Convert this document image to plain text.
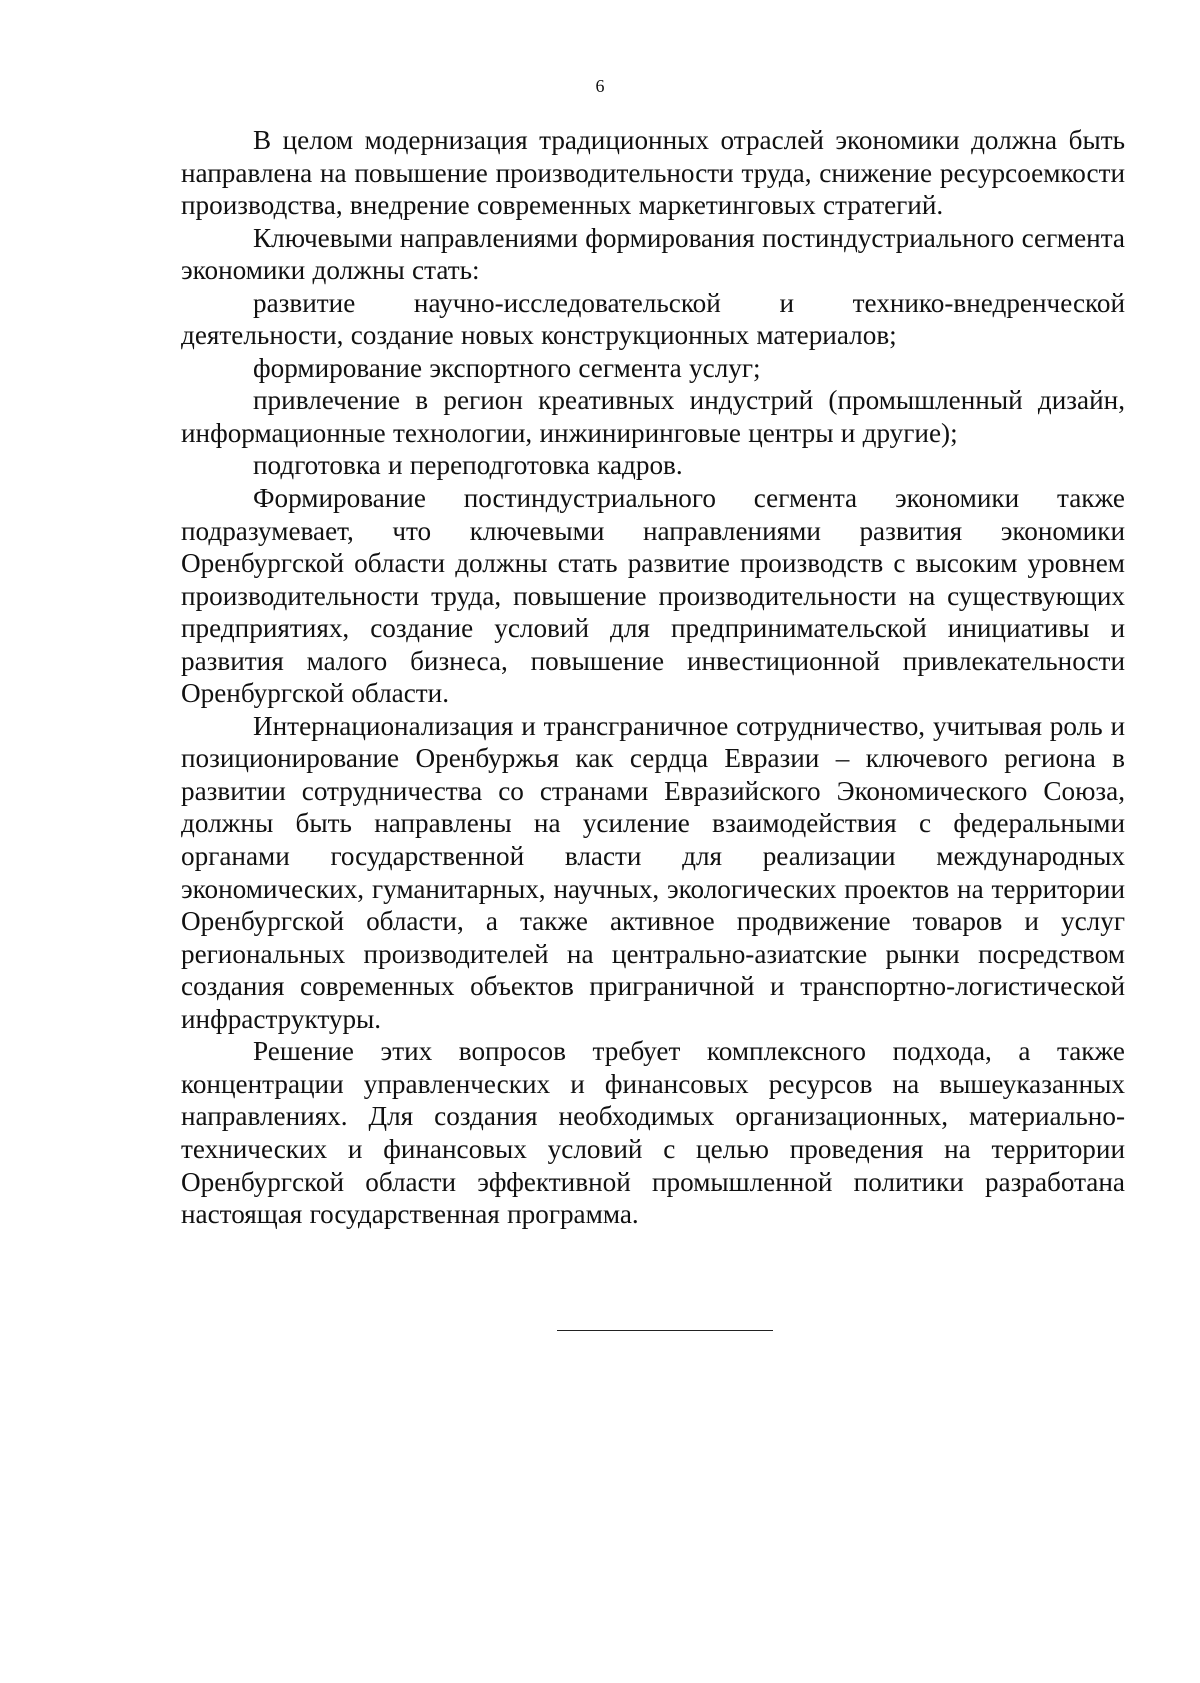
6

В целом модернизация традиционных отраслей экономики должна быть направлена на повышение производительности труда, снижение ресурсоемкости производства, внедрение современных маркетинговых стратегий.

Ключевыми направлениями формирования постиндустриального сегмента экономики должны стать:

развитие научно-исследовательской и технико-внедренческой деятельности, создание новых конструкционных материалов;

формирование экспортного сегмента услуг;

привлечение в регион креативных индустрий (промышленный дизайн, информационные технологии, инжиниринговые центры и другие);

подготовка и переподготовка кадров.

Формирование постиндустриального сегмента экономики также подразумевает, что ключевыми направлениями развития экономики Оренбургской области должны стать развитие производств с высоким уровнем производительности труда, повышение производительности на существующих предприятиях, создание условий для предпринимательской инициативы и развития малого бизнеса, повышение инвестиционной привлекательности Оренбургской области.

Интернационализация и трансграничное сотрудничество, учитывая роль и позиционирование Оренбуржья как сердца Евразии – ключевого региона в развитии сотрудничества со странами Евразийского Экономического Союза, должны быть направлены на усиление взаимодействия с федеральными органами государственной власти для реализации международных экономических, гуманитарных, научных, экологических проектов на территории Оренбургской области, а также активное продвижение товаров и услуг региональных производителей на центрально-азиатские рынки посредством создания современных объектов приграничной и транспортно-логистической инфраструктуры.

Решение этих вопросов требует комплексного подхода, а также концентрации управленческих и финансовых ресурсов на вышеуказанных направлениях. Для создания необходимых организационных, материально-технических и финансовых условий с целью проведения на территории Оренбургской области эффективной промышленной политики разработана настоящая государственная программа.
